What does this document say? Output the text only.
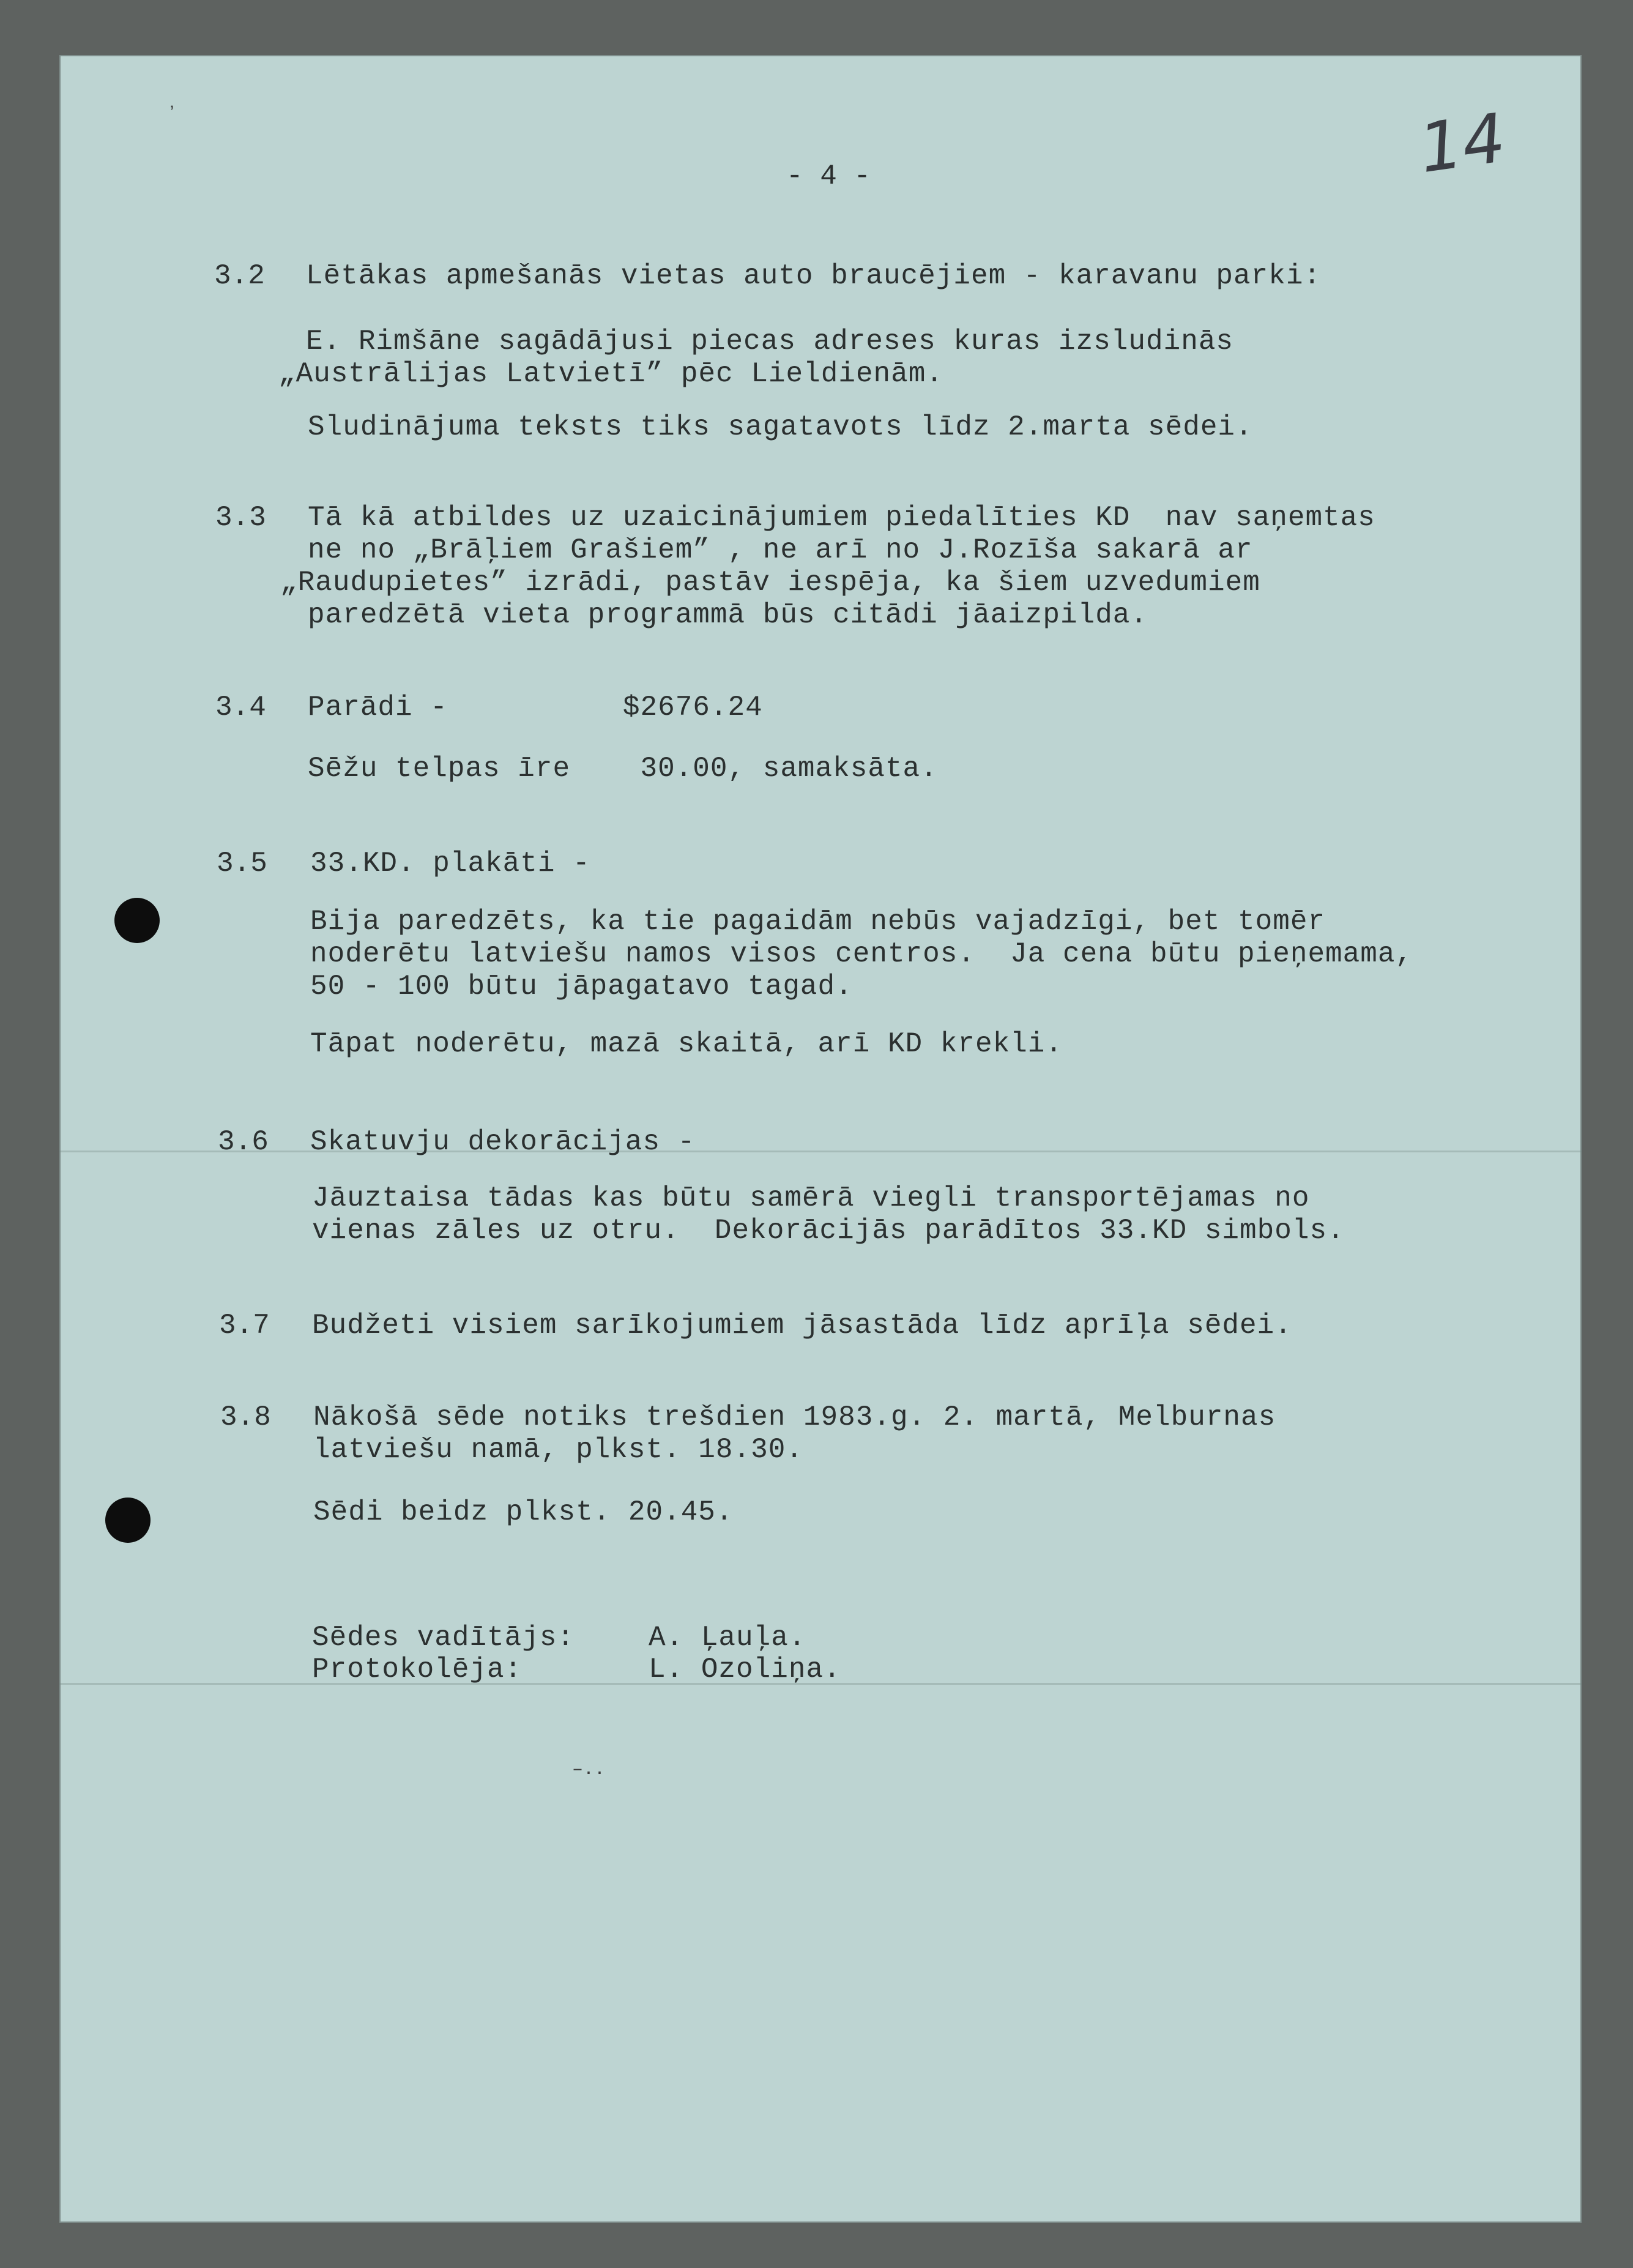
ʼ
–..
- 4 -	14
3.2 Lētākas apmešanās vietas auto braucējiem - karavanu parki:
E. Rimšāne sagādājusi piecas adreses kuras izsludinās
„Austrālijas Latvietī” pēc Lieldienām.
Sludinājuma teksts tiks sagatavots līdz 2.marta sēdei.
3.3 Tā kā atbildes uz uzaicinājumiem piedalīties KD  nav saņemtas
ne no „Brāļiem Grašiem” , ne arī no J.Rozīša sakarā ar
„Raudupietes” izrādi, pastāv iespēja, ka šiem uzvedumiem
paredzētā vieta programmā būs citādi jāaizpilda.
3.4 Parādi -          $2676.24
Sēžu telpas īre    30.00, samaksāta.
3.5 33.KD. plakāti -
Bija paredzēts, ka tie pagaidām nebūs vajadzīgi, bet tomēr
noderētu latviešu namos visos centros.  Ja cena būtu pieņemama,
50 - 100 būtu jāpagatavo tagad.
Tāpat noderētu, mazā skaitā, arī KD krekli.
3.6 Skatuvju dekorācijas -
Jāuztaisa tādas kas būtu samērā viegli transportējamas no
vienas zāles uz otru.  Dekorācijās parādītos 33.KD simbols.
3.7 Budžeti visiem sarīkojumiem jāsastāda līdz aprīļa sēdei.
3.8 Nākošā sēde notiks trešdien 1983.g. 2. martā, Melburnas
latviešu namā, plkst. 18.30.
Sēdi beidz plkst. 20.45.
Sēdes vadītājs:	A. Ļauļa.
Protokolēja:	L. Ozoliņa.
